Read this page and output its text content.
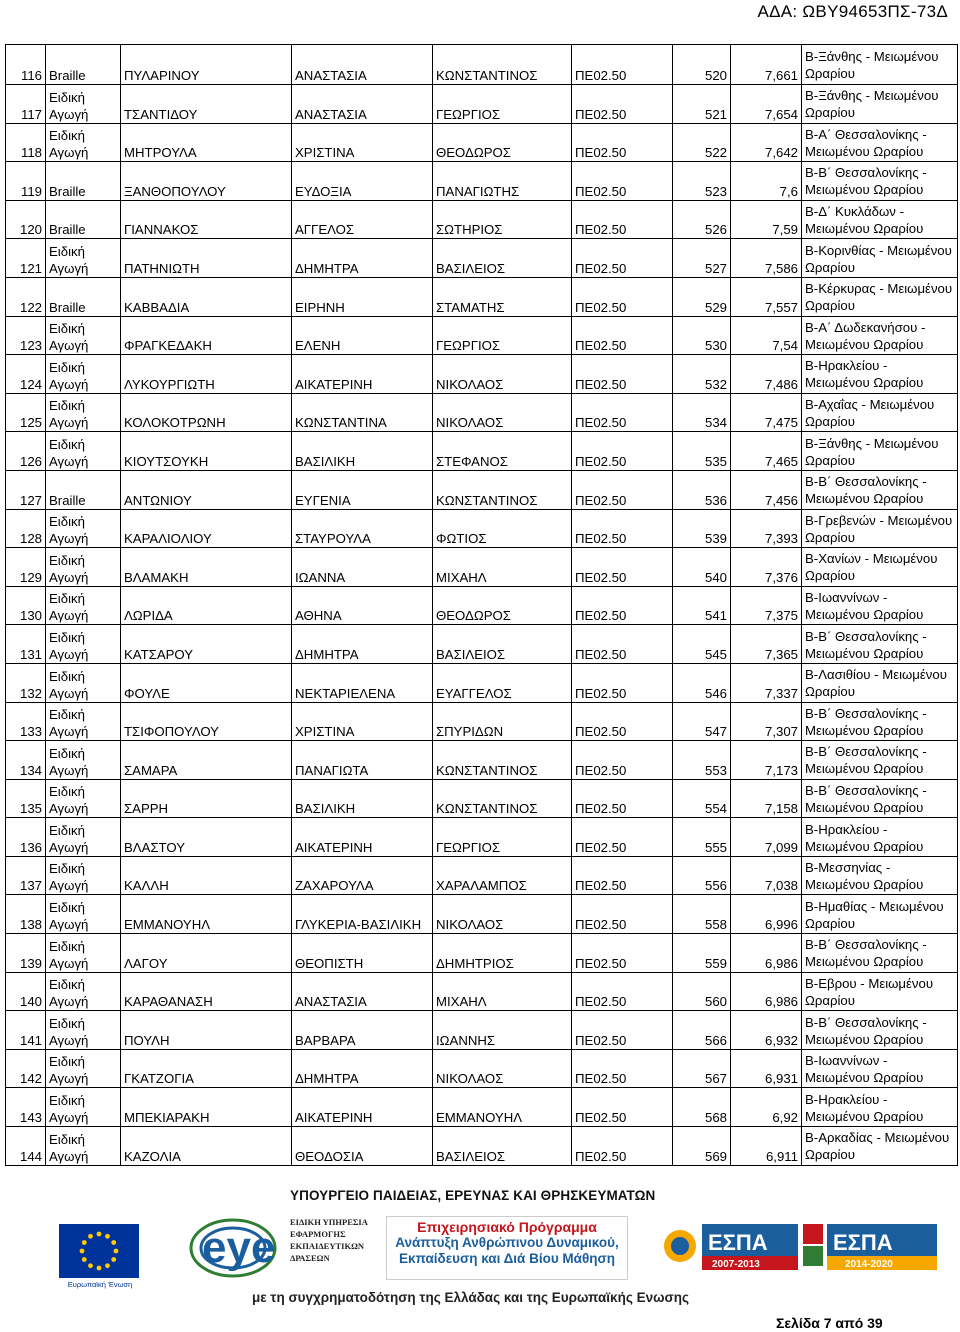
ΑΔΑ: ΩΒΥ94653ΠΣ-73Δ
116	Braille	ΠΥΛΑΡΙΝΟΥ	ΑΝΑΣΤΑΣΙΑ	ΚΩΝΣΤΑΝΤΙΝΟΣ	ΠΕ02.50	520	7,661	Β-Ξάνθης - Μειωμένου Ωραρίου
117	Ειδική Αγωγή	ΤΣΑΝΤΙΔΟΥ	ΑΝΑΣΤΑΣΙΑ	ΓΕΩΡΓΙΟΣ	ΠΕ02.50	521	7,654	Β-Ξάνθης - Μειωμένου Ωραρίου
118	Ειδική Αγωγή	ΜΗΤΡΟΥΛΑ	ΧΡΙΣΤΙΝΑ	ΘΕΟΔΩΡΟΣ	ΠΕ02.50	522	7,642	Β-Α΄ Θεσσαλονίκης - Μειωμένου Ωραρίου
119	Braille	ΞΑΝΘΟΠΟΥΛΟΥ	ΕΥΔΟΞΙΑ	ΠΑΝΑΓΙΩΤΗΣ	ΠΕ02.50	523	7,6	Β-Β΄ Θεσσαλονίκης - Μειωμένου Ωραρίου
120	Braille	ΓΙΑΝΝΑΚΟΣ	ΑΓΓΕΛΟΣ	ΣΩΤΗΡΙΟΣ	ΠΕ02.50	526	7,59	Β-Δ΄ Κυκλάδων - Μειωμένου Ωραρίου
121	Ειδική Αγωγή	ΠΑΤΗΝΙΩΤΗ	ΔΗΜΗΤΡΑ	ΒΑΣΙΛΕΙΟΣ	ΠΕ02.50	527	7,586	Β-Κορινθίας - Μειωμένου Ωραρίου
122	Braille	ΚΑΒΒΑΔΙΑ	ΕΙΡΗΝΗ	ΣΤΑΜΑΤΗΣ	ΠΕ02.50	529	7,557	Β-Κέρκυρας - Μειωμένου Ωραρίου
123	Ειδική Αγωγή	ΦΡΑΓΚΕΔΑΚΗ	ΕΛΕΝΗ	ΓΕΩΡΓΙΟΣ	ΠΕ02.50	530	7,54	Β-Α΄ Δωδεκανήσου - Μειωμένου Ωραρίου
124	Ειδική Αγωγή	ΛΥΚΟΥΡΓΙΩΤΗ	ΑΙΚΑΤΕΡΙΝΗ	ΝΙΚΟΛΑΟΣ	ΠΕ02.50	532	7,486	Β-Ηρακλείου - Μειωμένου Ωραρίου
125	Ειδική Αγωγή	ΚΟΛΟΚΟΤΡΩΝΗ	ΚΩΝΣΤΑΝΤΙΝΑ	ΝΙΚΟΛΑΟΣ	ΠΕ02.50	534	7,475	Β-Αχαΐας - Μειωμένου Ωραρίου
126	Ειδική Αγωγή	ΚΙΟΥΤΣΟΥΚΗ	ΒΑΣΙΛΙΚΗ	ΣΤΕΦΑΝΟΣ	ΠΕ02.50	535	7,465	Β-Ξάνθης - Μειωμένου Ωραρίου
127	Braille	ΑΝΤΩΝΙΟΥ	ΕΥΓΕΝΙΑ	ΚΩΝΣΤΑΝΤΙΝΟΣ	ΠΕ02.50	536	7,456	Β-Β΄ Θεσσαλονίκης - Μειωμένου Ωραρίου
128	Ειδική Αγωγή	ΚΑΡΑΛΙΟΛΙΟΥ	ΣΤΑΥΡΟΥΛΑ	ΦΩΤΙΟΣ	ΠΕ02.50	539	7,393	Β-Γρεβενών - Μειωμένου Ωραρίου
129	Ειδική Αγωγή	ΒΛΑΜΑΚΗ	ΙΩΑΝΝΑ	ΜΙΧΑΗΛ	ΠΕ02.50	540	7,376	Β-Χανίων - Μειωμένου Ωραρίου
130	Ειδική Αγωγή	ΛΩΡΙΔΑ	ΑΘΗΝΑ	ΘΕΟΔΩΡΟΣ	ΠΕ02.50	541	7,375	Β-Ιωαννίνων - Μειωμένου Ωραρίου
131	Ειδική Αγωγή	ΚΑΤΣΑΡΟΥ	ΔΗΜΗΤΡΑ	ΒΑΣΙΛΕΙΟΣ	ΠΕ02.50	545	7,365	Β-Β΄ Θεσσαλονίκης - Μειωμένου Ωραρίου
132	Ειδική Αγωγή	ΦΟΥΛΕ	ΝΕΚΤΑΡΙΕΛΕΝΑ	ΕΥΑΓΓΕΛΟΣ	ΠΕ02.50	546	7,337	Β-Λασιθίου - Μειωμένου Ωραρίου
133	Ειδική Αγωγή	ΤΣΙΦΟΠΟΥΛΟΥ	ΧΡΙΣΤΙΝΑ	ΣΠΥΡΙΔΩΝ	ΠΕ02.50	547	7,307	Β-Β΄ Θεσσαλονίκης - Μειωμένου Ωραρίου
134	Ειδική Αγωγή	ΣΑΜΑΡΑ	ΠΑΝΑΓΙΩΤΑ	ΚΩΝΣΤΑΝΤΙΝΟΣ	ΠΕ02.50	553	7,173	Β-Β΄ Θεσσαλονίκης - Μειωμένου Ωραρίου
135	Ειδική Αγωγή	ΣΑΡΡΗ	ΒΑΣΙΛΙΚΗ	ΚΩΝΣΤΑΝΤΙΝΟΣ	ΠΕ02.50	554	7,158	Β-Β΄ Θεσσαλονίκης - Μειωμένου Ωραρίου
136	Ειδική Αγωγή	ΒΛΑΣΤΟΥ	ΑΙΚΑΤΕΡΙΝΗ	ΓΕΩΡΓΙΟΣ	ΠΕ02.50	555	7,099	Β-Ηρακλείου - Μειωμένου Ωραρίου
137	Ειδική Αγωγή	ΚΑΛΛΗ	ΖΑΧΑΡΟΥΛΑ	ΧΑΡΑΛΑΜΠΟΣ	ΠΕ02.50	556	7,038	Β-Μεσσηνίας - Μειωμένου Ωραρίου
138	Ειδική Αγωγή	ΕΜΜΑΝΟΥΗΛ	ΓΛΥΚΕΡΙΑ-ΒΑΣΙΛΙΚΗ	ΝΙΚΟΛΑΟΣ	ΠΕ02.50	558	6,996	Β-Ημαθίας - Μειωμένου Ωραρίου
139	Ειδική Αγωγή	ΛΑΓΟΥ	ΘΕΟΠΙΣΤΗ	ΔΗΜΗΤΡΙΟΣ	ΠΕ02.50	559	6,986	Β-Β΄ Θεσσαλονίκης - Μειωμένου Ωραρίου
140	Ειδική Αγωγή	ΚΑΡΑΘΑΝΑΣΗ	ΑΝΑΣΤΑΣΙΑ	ΜΙΧΑΗΛ	ΠΕ02.50	560	6,986	Β-Εβρου - Μειωμένου Ωραρίου
141	Ειδική Αγωγή	ΠΟΥΛΗ	ΒΑΡΒΑΡΑ	ΙΩΑΝΝΗΣ	ΠΕ02.50	566	6,932	Β-Β΄ Θεσσαλονίκης - Μειωμένου Ωραρίου
142	Ειδική Αγωγή	ΓΚΑΤΖΟΓΙΑ	ΔΗΜΗΤΡΑ	ΝΙΚΟΛΑΟΣ	ΠΕ02.50	567	6,931	Β-Ιωαννίνων - Μειωμένου Ωραρίου
143	Ειδική Αγωγή	ΜΠΕΚΙΑΡΑΚΗ	ΑΙΚΑΤΕΡΙΝΗ	ΕΜΜΑΝΟΥΗΛ	ΠΕ02.50	568	6,92	Β-Ηρακλείου - Μειωμένου Ωραρίου
144	Ειδική Αγωγή	ΚΑΖΟΛΙΑ	ΘΕΟΔΟΣΙΑ	ΒΑΣΙΛΕΙΟΣ	ΠΕ02.50	569	6,911	Β-Αρκαδίας - Μειωμένου Ωραρίου
ΥΠΟΥΡΓΕΙΟ ΠΑΙΔΕΙΑΣ, ΕΡΕΥΝΑΣ ΚΑΙ ΘΡΗΣΚΕΥΜΑΤΩΝ
Ευρωπαϊκή Ένωση
eye
ΕΙΔΙΚΗ ΥΠΗΡΕΣΙΑ ΕΦΑΡΜΟΓΗΣ ΕΚΠΑΙΔΕΥΤΙΚΩΝ ΔΡΑΣΕΩΝ
Επιχειρησιακό Πρόγραμμα
Ανάπτυξη Ανθρώπινου Δυναμικού, Εκπαίδευση και Διά Βίου Μάθηση
ΕΣΠΑ
2007-2013
ΕΣΠΑ
2014-2020
με τη συγχρηματοδότηση της Ελλάδας και της Ευρωπαϊκής Ενωσης
Σελίδα 7 από 39
